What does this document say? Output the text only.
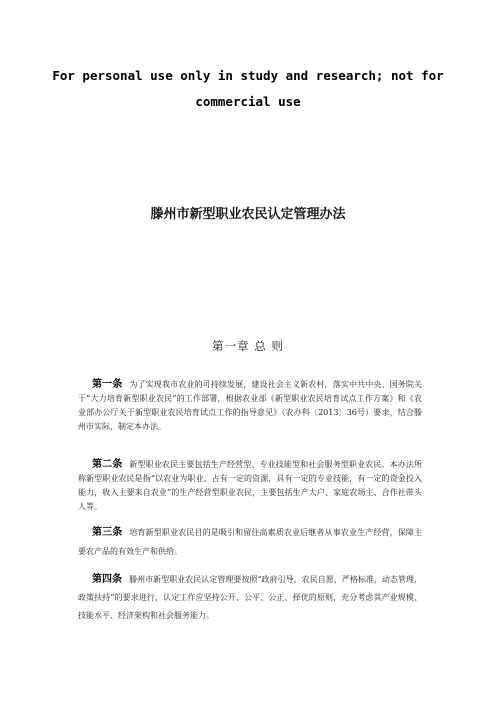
For personal use only in study and research; not for
commercial use
滕州市新型职业农民认定管理办法
第一章 总 则
第一条 为了实现我市农业的可持续发展，建设社会主义新农村，落实中共中央、国务院关于“大力培育新型职业农民”的工作部署，根据农业部《新型职业农民培育试点工作方案》和《农业部办公厅关于新型职业农民培育试点工作的指导意见》（农办科〔2013〕36号）要求，结合滕州市实际，制定本办法。
第二条 新型职业农民主要包括生产经营型、专业技能型和社会服务型职业农民。本办法所称新型职业农民是指“以农业为职业，占有一定的资源，具有一定的专业技能，有一定的资金投入能力，收入主要来自农业”的生产经营型职业农民，主要包括生产大户、家庭农场主、合作社带头人等。
第三条 培育新型职业农民目的是吸引和留住高素质农业后继者从事农业生产经营，保障主要农产品的有效生产和供给。
第四条 滕州市新型职业农民认定管理要按照“政府引导，农民自愿，严格标准，动态管理，政策扶持”的要求进行，认定工作应坚持公开、公平、公正、择优的原则，充分考虑其产业规模、技能水平、经济架构和社会服务能力。
